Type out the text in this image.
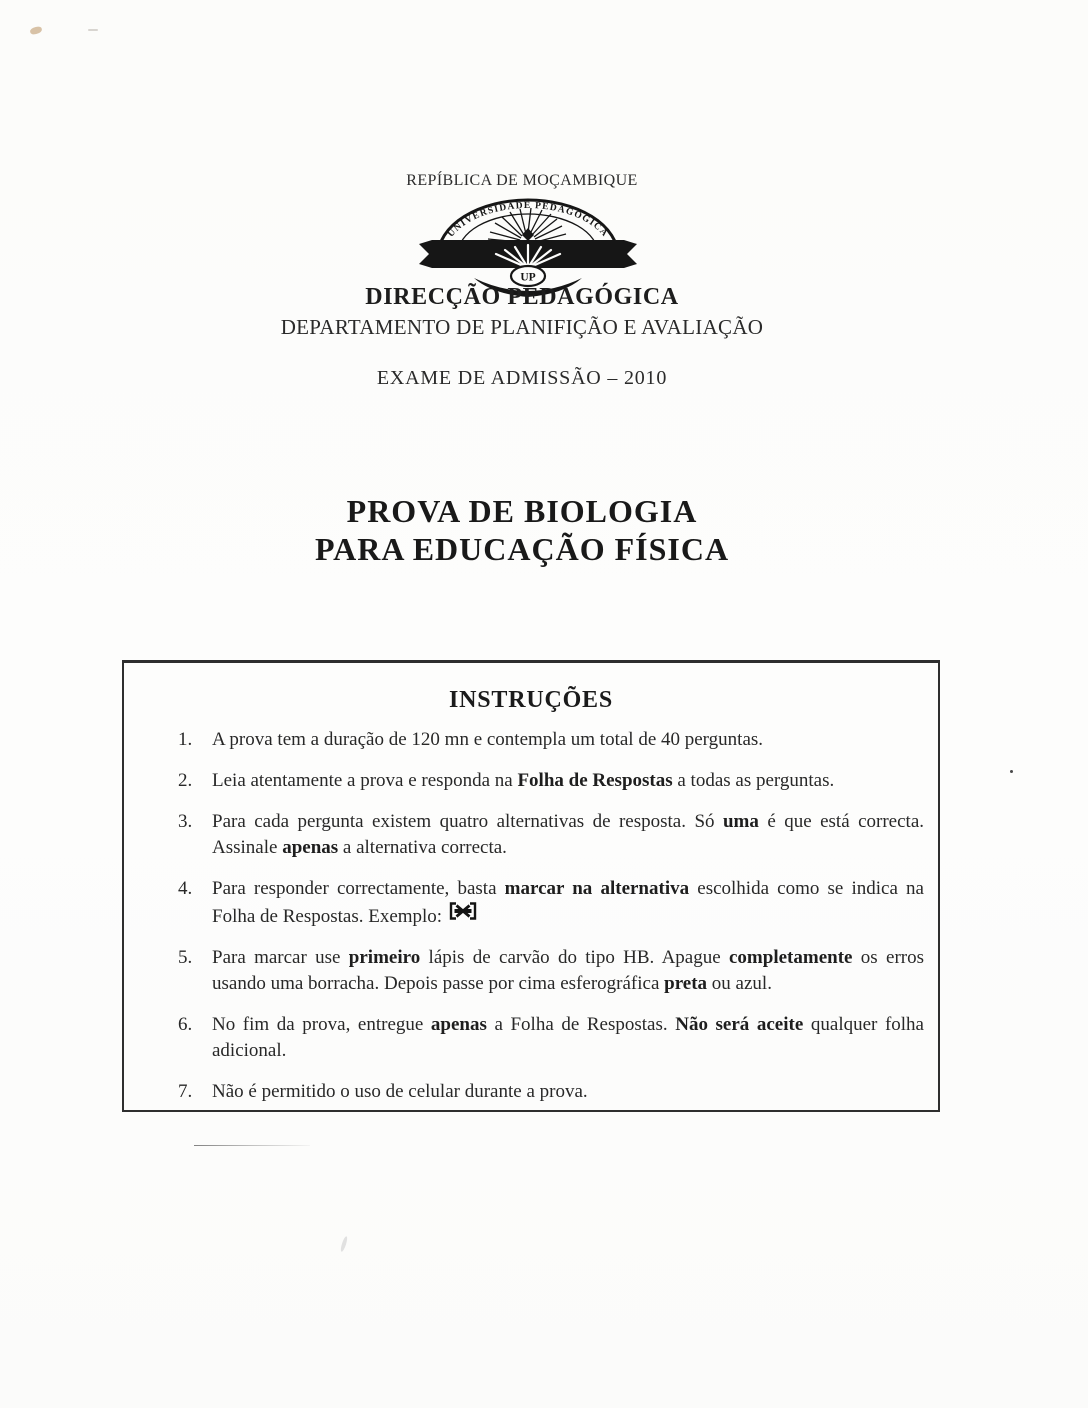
REPÍBLICA DE MOÇAMBIQUE
UNIVERSIDADE PEDAGÓGICA
UP
DIRECÇÃO PEDAGÓGICA
DEPARTAMENTO DE PLANIFIÇÃO E AVALIAÇÃO
EXAME DE ADMISSÃO – 2010
PROVA DE BIOLOGIA
PARA EDUCAÇÃO FÍSICA
INSTRUÇÕES
1. A prova tem a duração de 120 mn e contempla um total de 40 perguntas.
2. Leia atentamente a prova e responda na Folha de Respostas a todas as perguntas.
3. Para cada pergunta existem quatro alternativas de resposta. Só uma é que está correcta. Assinale apenas a alternativa correcta.
4. Para responder correctamente, basta marcar na alternativa escolhida como se indica na Folha de Respostas. Exemplo:
5. Para marcar use primeiro lápis de carvão do tipo HB. Apague completamente os erros usando uma borracha. Depois passe por cima esferográfica preta ou azul.
6. No fim da prova, entregue apenas a Folha de Respostas. Não será aceite qualquer folha adicional.
7. Não é permitido o uso de celular durante a prova.
